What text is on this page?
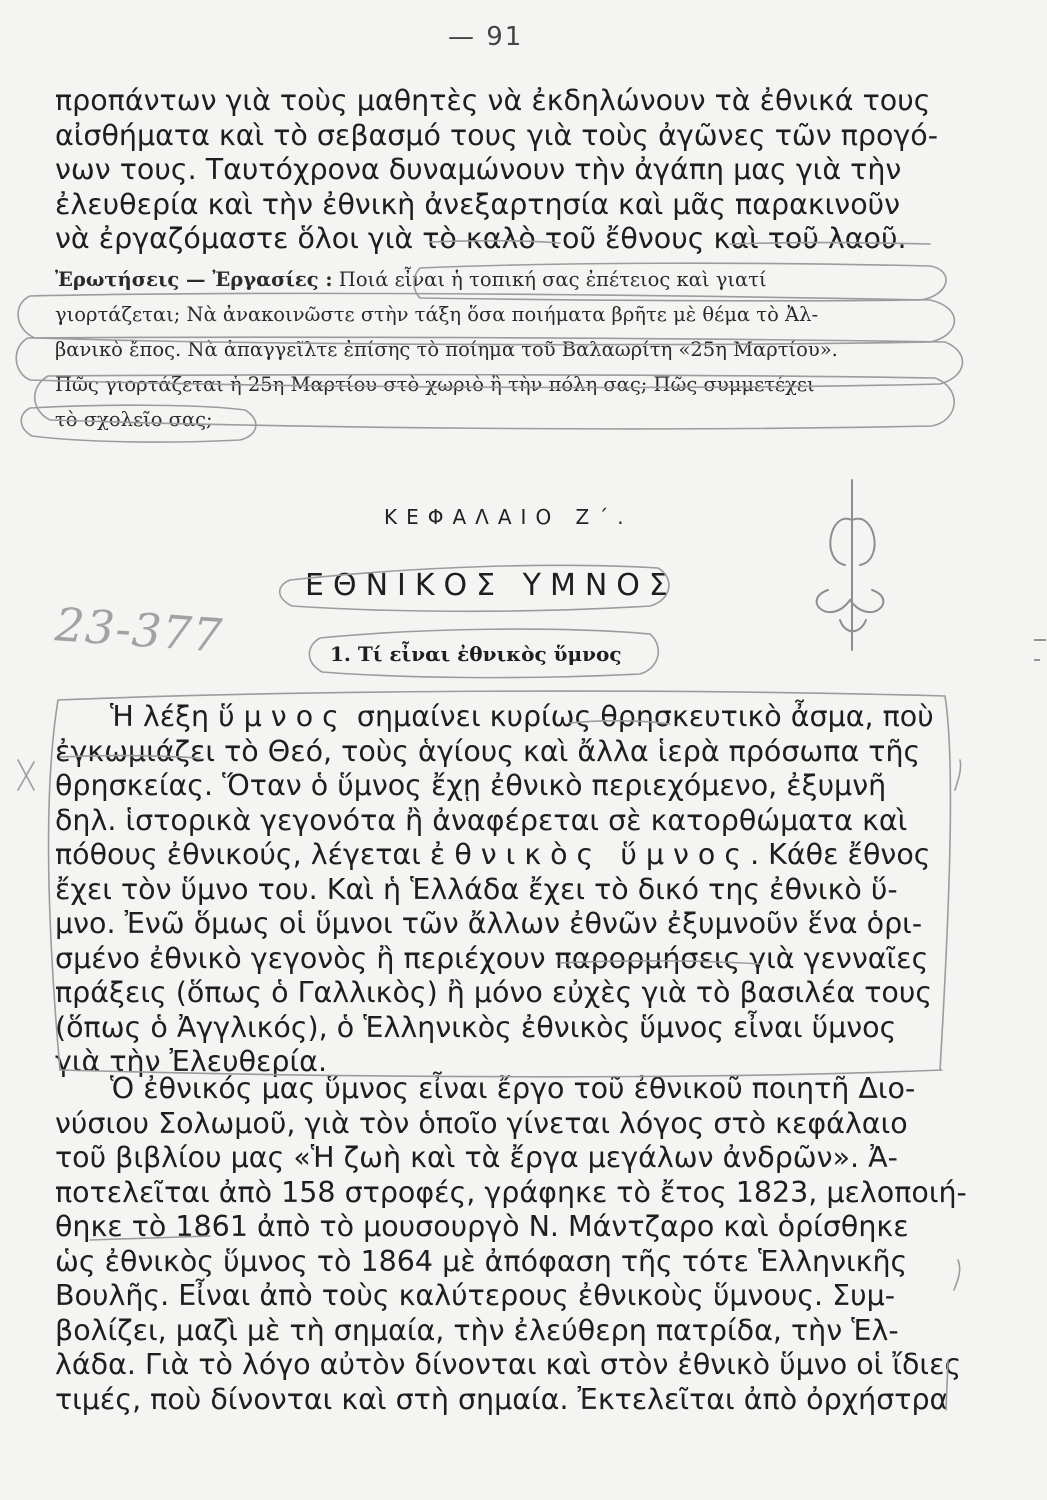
— 91
προπάντων γιὰ τοὺς μαθητὲς νὰ ἐκδηλώνουν τὰ ἐθνικά τους
αἰσθήματα καὶ τὸ σεβασμό τους γιὰ τοὺς ἀγῶνες τῶν προγό-
νων τους. Ταυτόχρονα δυναμώνουν τὴν ἀγάπη μας γιὰ τὴν
ἐλευθερία καὶ τὴν ἐθνικὴ ἀνεξαρτησία καὶ μᾶς παρακινοῦν
νὰ ἐργαζόμαστε ὅλοι γιὰ τὸ καλὸ τοῦ ἔθνους καὶ τοῦ λαοῦ.
Ἐρωτήσεις — Ἐργασίες : Ποιά εἶναι ἡ τοπική σας ἐπέτειος καὶ γιατί
γιορτάζεται; Νὰ ἀνακοινῶστε στὴν τάξη ὅσα ποιήματα βρῆτε μὲ θέμα τὸ Ἀλ-
βανικὸ ἔπος. Νὰ ἀπαγγεῖλτε ἐπίσης τὸ ποίημα τοῦ Βαλαωρίτη «25η Μαρτίου».
Πῶς γιορτάζεται ἡ 25η Μαρτίου στὸ χωριὸ ἢ τὴν πόλη σας; Πῶς συμμετέχει
τὸ σχολεῖο σας;
ΚΕΦΑΛΑΙΟ Ζ΄.
ΕΘΝΙΚΟΣ ΥΜΝΟΣ
23-377	1. Τί εἶναι ἐθνικὸς ὕμνος
Ἡ λέξη ὕμνος σημαίνει κυρίως θρησκευτικὸ ἆσμα, ποὺ
ἐγκωμιάζει τὸ Θεό, τοὺς ἁγίους καὶ ἄλλα ἱερὰ πρόσωπα τῆς
θρησκείας. Ὅταν ὁ ὕμνος ἔχῃ ἐθνικὸ περιεχόμενο, ἐξυμνῆ
δηλ. ἱστορικὰ γεγονότα ἢ ἀναφέρεται σὲ κατορθώματα καὶ
πόθους ἐθνικούς, λέγεται ἐθνικὸς ὕμνος. Κάθε ἔθνος
ἔχει τὸν ὕμνο του. Καὶ ἡ Ἑλλάδα ἔχει τὸ δικό της ἐθνικὸ ὕ-
μνο. Ἐνῶ ὅμως οἱ ὕμνοι τῶν ἄλλων ἐθνῶν ἐξυμνοῦν ἕνα ὁρι-
σμένο ἐθνικὸ γεγονὸς ἢ περιέχουν παρορμήσεις γιὰ γενναῖες
πράξεις (ὅπως ὁ Γαλλικὸς) ἢ μόνο εὐχὲς γιὰ τὸ βασιλέα τους
(ὅπως ὁ Ἀγγλικός), ὁ Ἑλληνικὸς ἐθνικὸς ὕμνος εἶναι ὕμνος
γιὰ τὴν Ἐλευθερία.
Ὁ ἐθνικός μας ὕμνος εἶναι ἔργο τοῦ ἐθνικοῦ ποιητῆ Διο-
νύσιου Σολωμοῦ, γιὰ τὸν ὁποῖο γίνεται λόγος στὸ κεφάλαιο
τοῦ βιβλίου μας «Ἡ ζωὴ καὶ τὰ ἔργα μεγάλων ἀνδρῶν». Ἀ-
ποτελεῖται ἀπὸ 158 στροφές, γράφηκε τὸ ἔτος 1823, μελοποιή-
θηκε τὸ 1861 ἀπὸ τὸ μουσουργὸ Ν. Μάντζαρο καὶ ὁρίσθηκε
ὡς ἐθνικὸς ὕμνος τὸ 1864 μὲ ἀπόφαση τῆς τότε Ἑλληνικῆς
Βουλῆς. Εἶναι ἀπὸ τοὺς καλύτερους ἐθνικοὺς ὕμνους. Συμ-
βολίζει, μαζὶ μὲ τὴ σημαία, τὴν ἐλεύθερη πατρίδα, τὴν Ἑλ-
λάδα. Γιὰ τὸ λόγο αὐτὸν δίνονται καὶ στὸν ἐθνικὸ ὕμνο οἱ ἴδιες
τιμές, ποὺ δίνονται καὶ στὴ σημαία. Ἐκτελεῖται ἀπὸ ὀρχήστρα
